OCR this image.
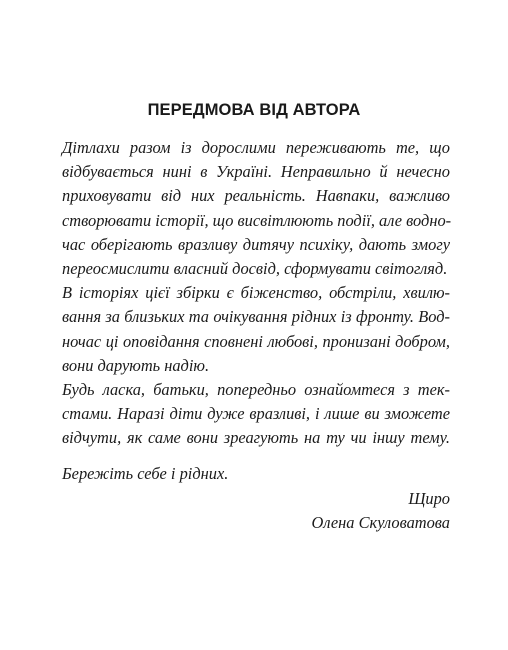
ПЕРЕДМОВА ВІД АВТОРА
Дітлахи разом із дорослими переживають те, що
відбувається нині в Україні. Неправильно й нечесно
приховувати від них реальність. Навпаки, важливо
створювати історії, що висвітлюють події, але водно-
час оберігають вразливу дитячу психіку, дають змогу
переосмислити власний досвід, сформувати світогляд.
В історіях цієї збірки є біженство, обстріли, хвилю-
вання за близьких та очікування рідних із фронту. Вод-
ночас ці оповідання сповнені любові, пронизані добром,
вони дарують надію.
Будь ласка, батьки, попередньо ознайомтеся з тек-
стами. Наразі діти дуже вразливі, і лише ви зможете
відчути, як саме вони зреагують на ту чи іншу тему.
Бережіть себе і рідних.
Щиро
Олена Скуловатова
